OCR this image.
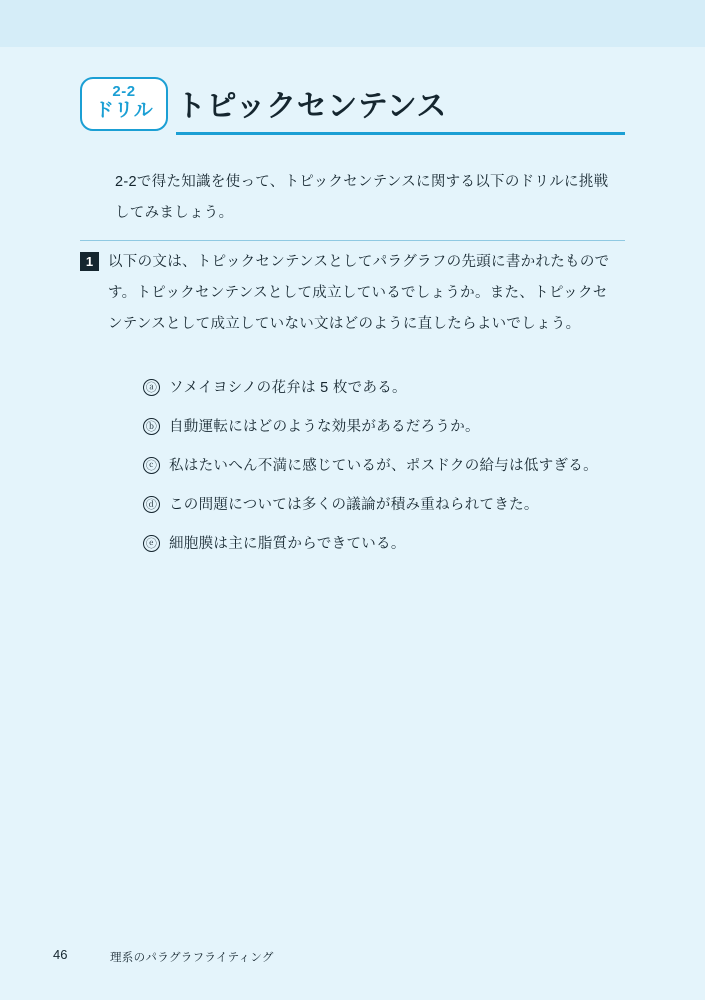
2-2
ドリル トピックセンテンス
2-2で得た知識を使って、トピックセンテンスに関する以下のドリルに挑戦してみましょう。
1	以下の文は、トピックセンテンスとしてパラグラフの先頭に書かれたものです。トピックセンテンスとして成立しているでしょうか。また、トピックセンテンスとして成立していない文はどのように直したらよいでしょう。
ⓐ ソメイヨシノの花弁は 5 枚である。
ⓑ 自動運転にはどのような効果があるだろうか。
ⓒ 私はたいへん不満に感じているが、ポスドクの給与は低すぎる。
ⓓ この問題については多くの議論が積み重ねられてきた。
ⓔ 細胞膜は主に脂質からできている。
46	理系のパラグラフライティング
